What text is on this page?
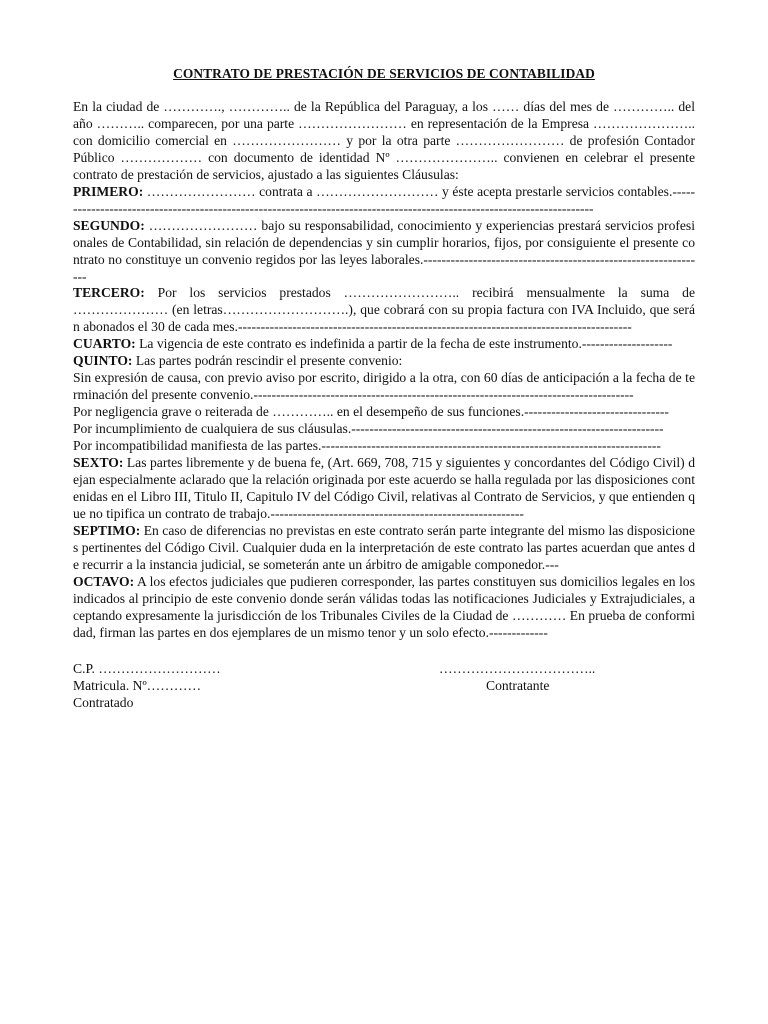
CONTRATO DE PRESTACIÓN DE SERVICIOS DE CONTABILIDAD

En la ciudad de …………., ………….. de la República del Paraguay, a los …… días del mes de ………….. del año ……….. comparecen, por una parte …………………… en representación de la Empresa ………………….. con domicilio comercial en …………………… y por la otra parte …………………… de profesión Contador Público ……………… con documento de identidad Nº ………………….. convienen en celebrar el presente contrato de prestación de servicios, ajustado a las siguientes Cláusulas:

PRIMERO: …………………… contrata a ……………………… y éste acepta prestarle servicios contables.------------------------------------------------------------------------------------------------------------------------

SEGUNDO: …………………… bajo su responsabilidad, conocimiento y experiencias prestará servicios profesionales de Contabilidad, sin relación de dependencias y sin cumplir horarios, fijos, por consiguiente el presente contrato no constituye un convenio regidos por las leyes laborales.---------------------------------------------------------------

TERCERO: Por los servicios prestados …………………….. recibirá mensualmente la suma de ………………… (en letras……………………….), que cobrará con su propia factura con IVA Incluido, que serán abonados el 30 de cada mes.---------------------------------------------------------------------------------------

CUARTO: La vigencia de este contrato es indefinida a partir de la fecha de este instrumento.--------------------

QUINTO: Las partes podrán rescindir el presente convenio:

Sin expresión de causa, con previo aviso por escrito, dirigido a la otra, con 60 días de anticipación a la fecha de terminación del presente convenio.------------------------------------------------------------------------------------

Por negligencia grave o reiterada de ………….. en el desempeño de sus funciones.--------------------------------

Por incumplimiento de cualquiera de sus cláusulas.---------------------------------------------------------------------

Por incompatibilidad manifiesta de las partes.---------------------------------------------------------------------------

SEXTO: Las partes libremente y de buena fe, (Art. 669, 708, 715 y siguientes y concordantes del Código Civil) dejan especialmente aclarado que la relación originada por este acuerdo se halla regulada por las disposiciones contenidas en el Libro III, Titulo II, Capitulo IV del Código Civil, relativas al Contrato de Servicios, y que entienden que no tipifica un contrato de trabajo.--------------------------------------------------------

SEPTIMO: En caso de diferencias no previstas en este contrato serán parte integrante del mismo las disposiciones pertinentes del Código Civil. Cualquier duda en la interpretación de este contrato las partes acuerdan que antes de recurrir a la instancia judicial, se someterán ante un árbitro de amigable componedor.---

OCTAVO: A los efectos judiciales que pudieren corresponder, las partes constituyen sus domicilios legales en los indicados al principio de este convenio donde serán válidas todas las notificaciones Judiciales y Extrajudiciales, aceptando expresamente la jurisdicción de los Tribunales Civiles de la Ciudad de ………… En prueba de conformidad, firman las partes en dos ejemplares de un mismo tenor y un solo efecto.-------------

C.P. ………………………	……………………………..
Matricula. Nº…………	Contratante
Contratado
